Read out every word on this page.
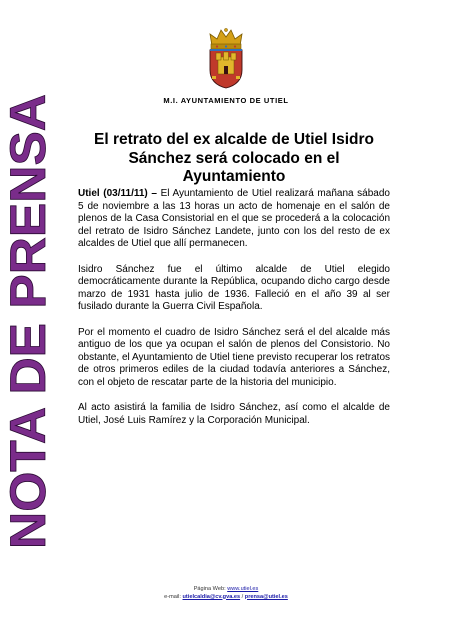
M.I. AYUNTAMIENTO DE UTIEL
NOTA DE PRENSA	El retrato del ex alcalde de Utiel Isidro
Sánchez será colocado en el Ayuntamiento

Utiel (03/11/11) – El Ayuntamiento de Utiel realizará mañana sábado 5 de noviembre a las 13 horas un acto de homenaje en el salón de plenos de la Casa Consistorial en el que se procederá a la colocación del retrato de Isidro Sánchez Landete, junto con los del resto de ex alcaldes de Utiel que allí permanecen.

Isidro Sánchez fue el último alcalde de Utiel elegido democráticamente durante la República, ocupando dicho cargo desde marzo de 1931 hasta julio de 1936. Falleció en el año 39 al ser fusilado durante la Guerra Civil Española.

Por el momento el cuadro de Isidro Sánchez será el del alcalde más antiguo de los que ya ocupan el salón de plenos del Consistorio. No obstante, el Ayuntamiento de Utiel tiene previsto recuperar los retratos de otros primeros ediles de la ciudad todavía anteriores a Sánchez, con el objeto de rescatar parte de la historia del municipio.

Al acto asistirá la familia de Isidro Sánchez, así como el alcalde de Utiel, José Luis Ramírez y la Corporación Municipal.

Página Web: www.utiel.es
e-mail: utielcaldia@cv.gva.es / prensa@utiel.es
